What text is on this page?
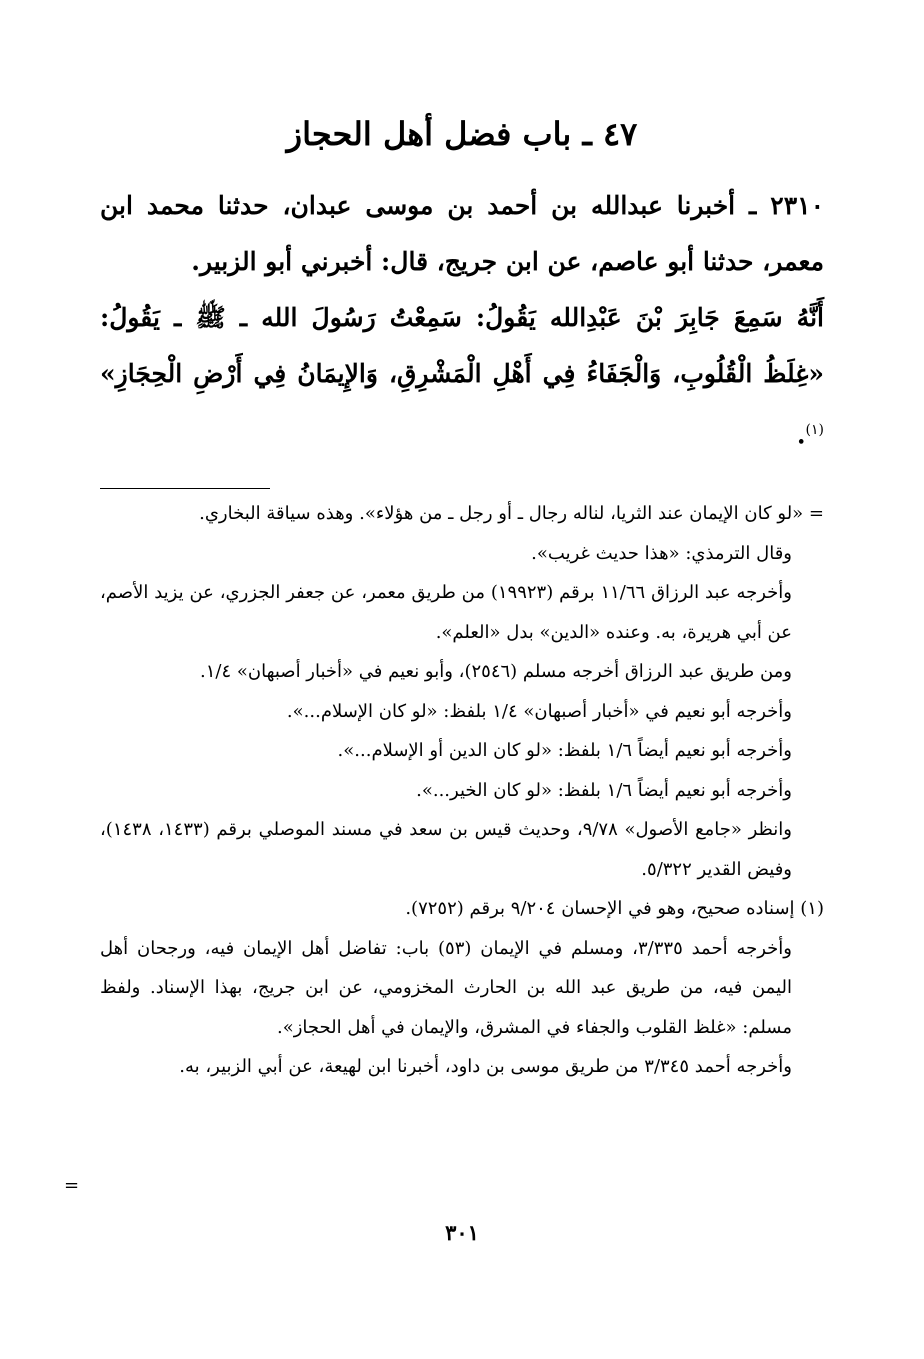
٤٧ ـ باب فضل أهل الحجاز

٢٣١٠ ـ أخبرنا عبدالله بن أحمد بن موسى عبدان، حدثنا محمد ابن معمر، حدثنا أبو عاصم، عن ابن جريج، قال: أخبرني أبو الزبير.

أَنَّهُ سَمِعَ جَابِرَ بْنَ عَبْدِالله يَقُولُ: سَمِعْتُ رَسُولَ الله ـ ﷺ ـ يَقُولُ: «غِلَظُ الْقُلُوبِ، وَالْجَفَاءُ فِي أَهْلِ الْمَشْرِقِ، وَالإِيمَانُ فِي أَرْضِ الْحِجَازِ» $^{(١)}$.

= «لو كان الإيمان عند الثريا، لناله رجال ـ أو رجل ـ من هؤلاء». وهذه سياقة البخاري.

وقال الترمذي: «هذا حديث غريب».

وأخرجه عبد الرزاق ١١/٦٦ برقم (١٩٩٢٣) من طريق معمر، عن جعفر الجزري، عن يزيد الأصم، عن أبي هريرة، به. وعنده «الدين» بدل «العلم».

ومن طريق عبد الرزاق أخرجه مسلم (٢٥٤٦)، وأبو نعيم في «أخبار أصبهان» ١/٤.

وأخرجه أبو نعيم في «أخبار أصبهان» ١/٤ بلفظ: «لو كان الإسلام...».

وأخرجه أبو نعيم أيضاً ١/٦ بلفظ: «لو كان الدين أو الإسلام...».

وأخرجه أبو نعيم أيضاً ١/٦ بلفظ: «لو كان الخير...».

وانظر «جامع الأصول» ٩/٧٨، وحديث قيس بن سعد في مسند الموصلي برقم (١٤٣٣، ١٤٣٨)، وفيض القدير ٥/٣٢٢.

(١) إسناده صحيح، وهو في الإحسان ٩/٢٠٤ برقم (٧٢٥٢).

وأخرجه أحمد ٣/٣٣٥، ومسلم في الإيمان (٥٣) باب: تفاضل أهل الإيمان فيه، ورجحان أهل اليمن فيه، من طريق عبد الله بن الحارث المخزومي، عن ابن جريج، بهذا الإسناد. ولفظ مسلم: «غلظ القلوب والجفاء في المشرق، والإيمان في أهل الحجاز».

وأخرجه أحمد ٣/٣٤٥ من طريق موسى بن داود، أخبرنا ابن لهيعة، عن أبي الزبير، به.

=
٣٠١
